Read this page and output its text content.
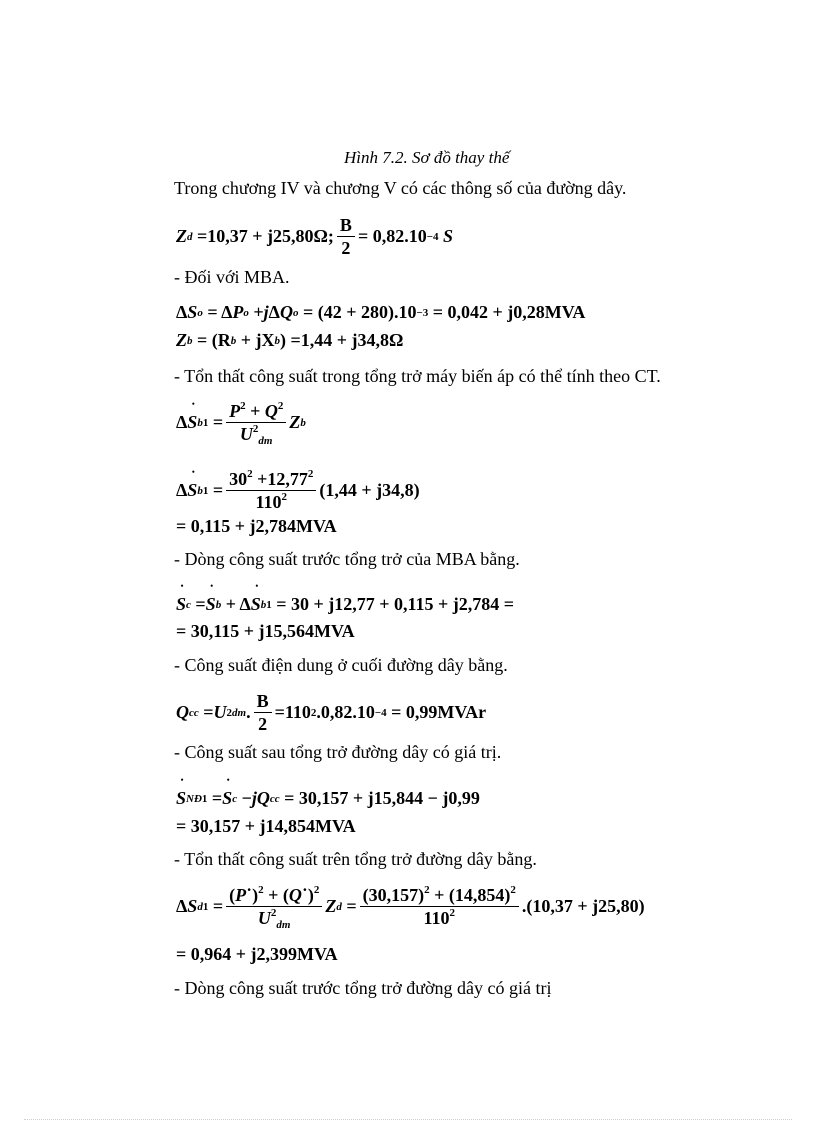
Hình 7.2. Sơ đồ thay thế
Trong chương IV và chương V có các thông số của đường dây.
Z d
=10,37 + j25,80Ω; $\frac{B}{2} = 0,82.10 -4$
S
- Đối với MBA.
Δ S o = Δ P o + j Δ Q o
= (42 + 280).10 −3
= 0,042 + j0,28MVA
Z b
= (R b
+ jX b ) =1,44 + j34,8Ω
- Tổn thất công suất trong tổng trở máy biến áp có thể tính theo CT.
Δ • S $b1 = \frac{P^2 + Q^2}{U^2_{dm}}$ Z b
Δ • S $b1 = \frac{30^2 +12,77^2}{110^2} (1,44 + j34,8)$
= 0,115 + j2,784MVA
- Dòng công suất trước tổng trở của MBA bằng.
• S c = • S b + Δ • S b1
= 30 + j12,77 + 0,115 + j2,784 =
= 30,115 + j15,564MVA
- Công suất điện dung ở cuối đường dây bằng.
Q cc = U 2 dm . $\frac{B}{2} =110$ 2 .0,82.10 −4
= 0,99MVAr
- Công suất sau tổng trở đường dây có giá trị.
• S NĐ1 = • S c − j Q cc
= 30,157 + j15,844 − j0,99
= 30,157 + j14,854MVA
- Tổn thất công suất trên tổng trở đường dây bằng.
Δ S $d1 = \frac{(P˙)^2 + (Q˙)^2}{U^2_{dm}}$ Z $d = \frac{(30,157)^2 + (14,854)^2}{110^2} .(10,37 + j25,80)$
= 0,964 + j2,399MVA
- Dòng công suất trước tổng trở đường dây có giá trị
